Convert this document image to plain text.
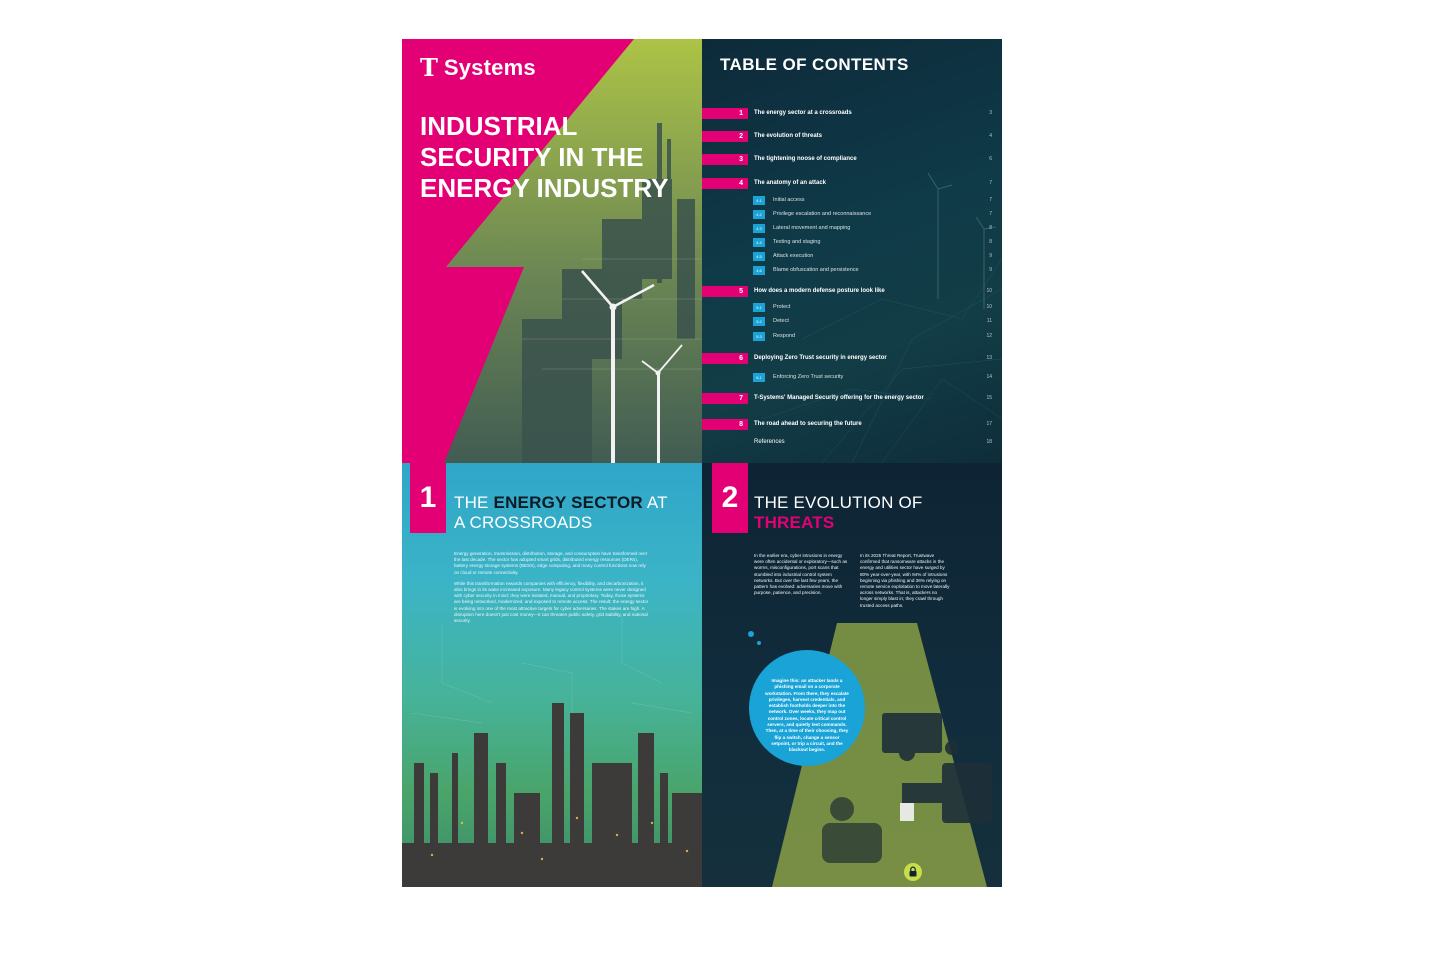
T Systems
INDUSTRIAL
SECURITY IN THE
ENERGY INDUSTRY
TABLE OF CONTENTS
1	The energy sector at a crossroads	3
2	The evolution of threats	4
3	The tightening noose of compliance	6
4	The anatomy of an attack	7
4.1	Initial access	7
4.2	Privilege escalation and reconnaissance	7
4.3	Lateral movement and mapping	8
4.4	Testing and staging	8
4.5	Attack execution	9
4.6	Blame obfuscation and persistence	9
5	How does a modern defense posture look like	10
5.1	Protect	10
5.2	Detect	11
5.3	Respond	12
6	Deploying Zero Trust security in energy sector	13
6.1	Enforcing Zero Trust security	14
7	T-Systems' Managed Security offering for the energy sector	15
8	The road ahead to securing the future	17
References	18
1	THE ENERGY SECTOR AT
A CROSSROADS

Energy generation, transmission, distribution, storage, and consumption have transformed over the last decade. The sector has adopted smart grids, distributed energy resources (DERs), battery energy storage systems (BESS), edge computing, and many control functions now rely on cloud or remote connectivity.

While this transformation rewards companies with efficiency, flexibility, and decarbonization, it also brings in its wake increased exposure. Many legacy control systems were never designed with cyber security in mind; they were isolated, manual, and proprietary. Today, those systems are being networked, modernized, and exposed to remote access. The result: the energy sector is evolving into one of the most attractive targets for cyber adversaries. The stakes are high. A disruption here doesn't just cost money—it can threaten public safety, grid stability, and national security.

2 THE EVOLUTION OF
THREATS

In the earlier era, cyber intrusions in energy were often accidental or exploratory—such as worms, misconfigurations, port scans that stumbled into industrial control system networks. But over the last few years, the pattern has evolved: adversaries move with purpose, patience, and precision.

In its 2025 Threat Report, Trustwave confirmed that ransomware attacks in the energy and utilities sector have surged by 80% year-over-year, with 94% of intrusions beginning via phishing and 36% relying on remote service exploitation to move laterally across networks. That is, attackers no longer simply blast in; they crawl through trusted access paths.

Imagine this: an attacker lands a phishing email on a corporate workstation. From there, they escalate privileges, harvest credentials, and establish footholds deeper into the network. Over weeks, they map out control zones, locate critical control servers, and quietly test commands. Then, at a time of their choosing, they flip a switch, change a sensor setpoint, or trip a circuit, and the blackout begins.
